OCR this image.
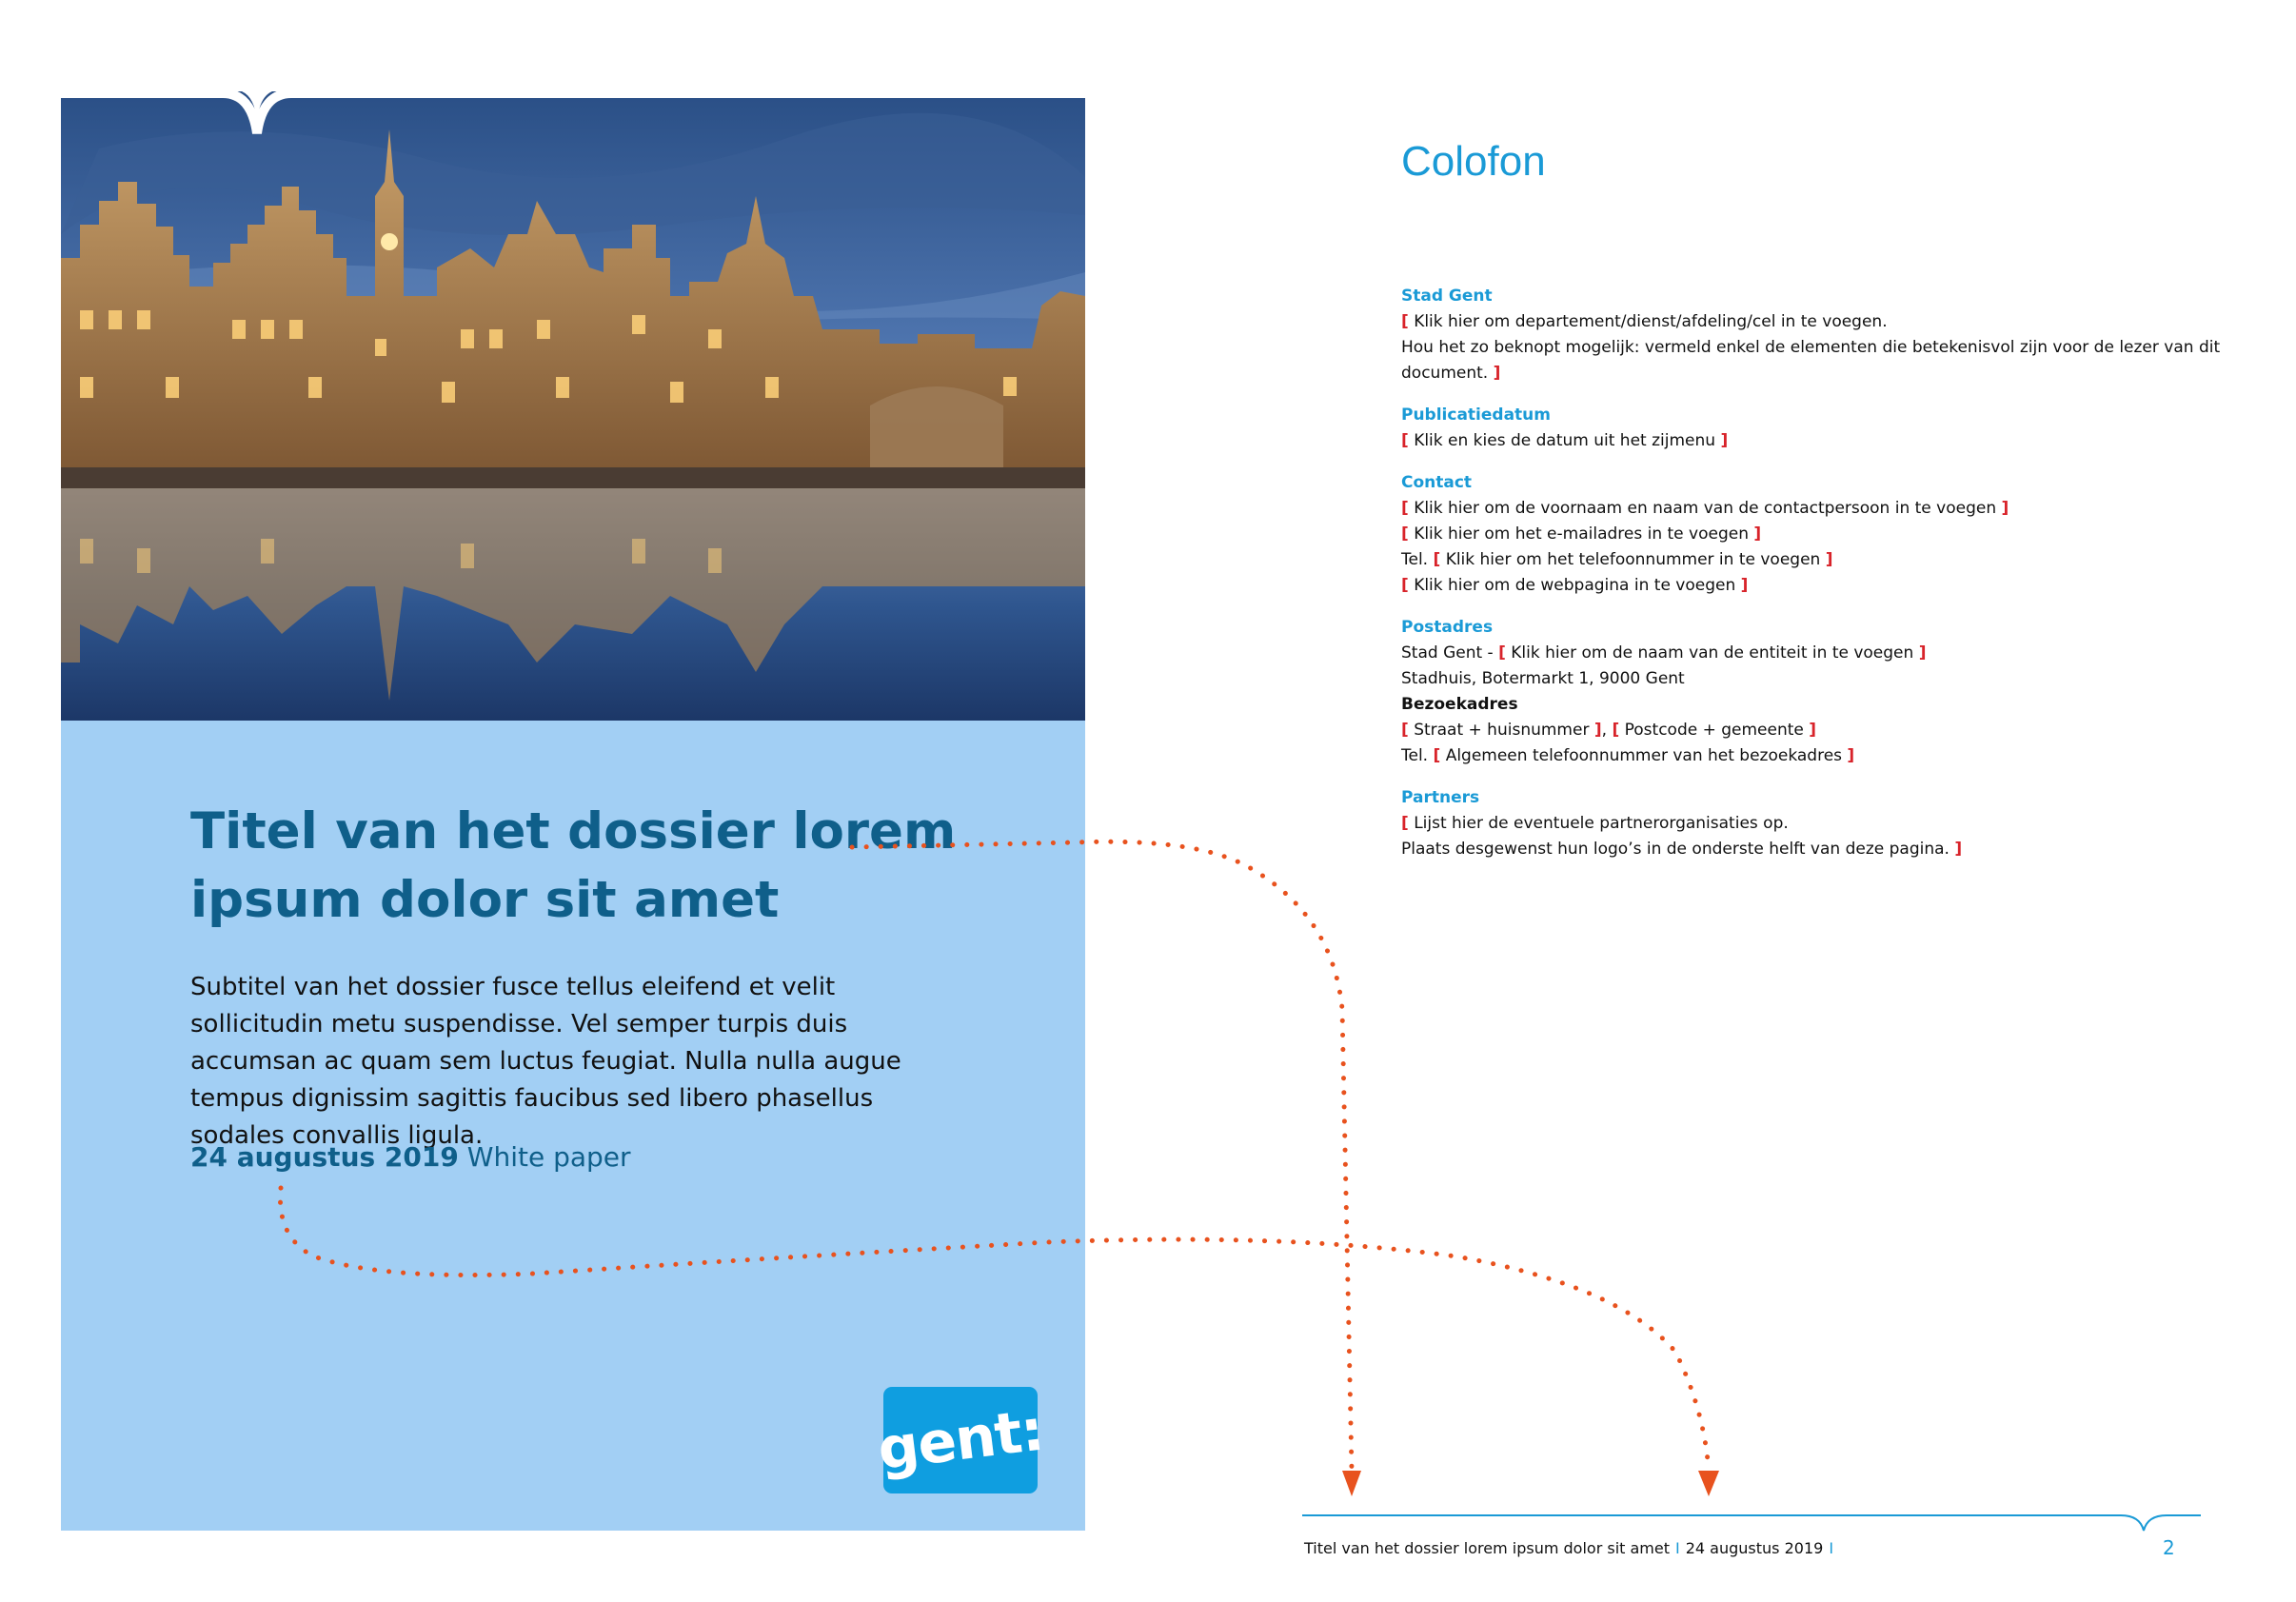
Titel van het dossier lorem ipsum dolor sit amet

Subtitel van het dossier fusce tellus eleifend et velit sollicitudin metu suspendisse. Vel semper turpis duis accumsan ac quam sem luctus feugiat. Nulla nulla augue tempus dignissim sagittis faucibus sed libero phasellus sodales convallis ligula.

24 augustus 2019 White paper
gent:
Colofon
Stad Gent
[ Klik hier om departement/dienst/afdeling/cel in te voegen.
Hou het zo beknopt mogelijk: vermeld enkel de elementen die betekenisvol zijn voor de lezer van dit document. ]
Publicatiedatum
[ Klik en kies de datum uit het zijmenu ]
Contact
[ Klik hier om de voornaam en naam van de contactpersoon in te voegen ]
[ Klik hier om het e-mailadres in te voegen ]
Tel. [ Klik hier om het telefoonnummer in te voegen ]
[ Klik hier om de webpagina in te voegen ]
Postadres
Stad Gent - [ Klik hier om de naam van de entiteit in te voegen ]
Stadhuis, Botermarkt 1, 9000 Gent
Bezoekadres
[ Straat + huisnummer ], [ Postcode + gemeente ]
Tel. [ Algemeen telefoonnummer van het bezoekadres ]
Partners
[ Lijst hier de eventuele partnerorganisaties op.
Plaats desgewenst hun logo’s in de onderste helft van deze pagina. ]
Titel van het dossier lorem ipsum dolor sit amet I 24 augustus 2019 I	2
